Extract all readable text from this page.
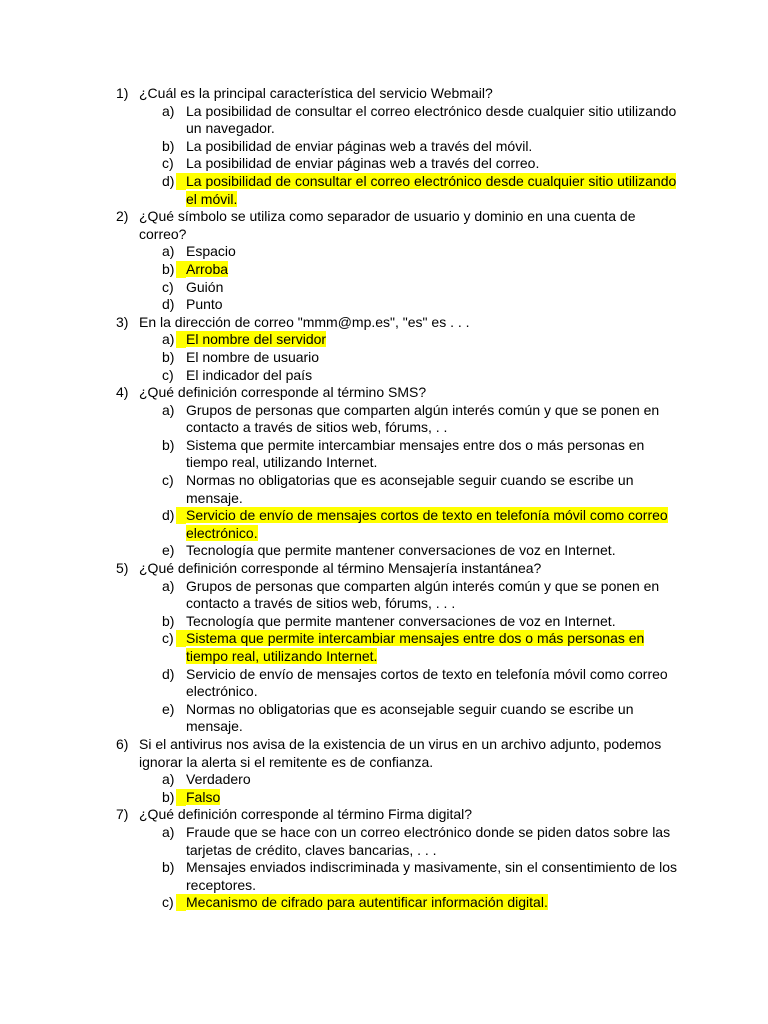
1) ¿Cuál es la principal característica del servicio Webmail?
a) La posibilidad de consultar el correo electrónico desde cualquier sitio utilizando un navegador.
b) La posibilidad de enviar páginas web a través del móvil.
c) La posibilidad de enviar páginas web a través del correo.
d) La posibilidad de consultar el correo electrónico desde cualquier sitio utilizando el móvil.
2) ¿Qué símbolo se utiliza como separador de usuario y dominio en una cuenta de correo?
a) Espacio
b) Arroba
c) Guión
d) Punto
3) En la dirección de correo "mmm@mp.es", "es" es . . .
a) El nombre del servidor
b) El nombre de usuario
c) El indicador del país
4) ¿Qué definición corresponde al término SMS?
a) Grupos de personas que comparten algún interés común y que se ponen en contacto a través de sitios web, fórums, . .
b) Sistema que permite intercambiar mensajes entre dos o más personas en tiempo real, utilizando Internet.
c) Normas no obligatorias que es aconsejable seguir cuando se escribe un mensaje.
d) Servicio de envío de mensajes cortos de texto en telefonía móvil como correo electrónico.
e) Tecnología que permite mantener conversaciones de voz en Internet.
5) ¿Qué definición corresponde al término Mensajería instantánea?
a) Grupos de personas que comparten algún interés común y que se ponen en contacto a través de sitios web, fórums, . . .
b) Tecnología que permite mantener conversaciones de voz en Internet.
c) Sistema que permite intercambiar mensajes entre dos o más personas en tiempo real, utilizando Internet.
d) Servicio de envío de mensajes cortos de texto en telefonía móvil como correo electrónico.
e) Normas no obligatorias que es aconsejable seguir cuando se escribe un mensaje.
6) Si el antivirus nos avisa de la existencia de un virus en un archivo adjunto, podemos ignorar la alerta si el remitente es de confianza.
a) Verdadero
b) Falso
7) ¿Qué definición corresponde al término Firma digital?
a) Fraude que se hace con un correo electrónico donde se piden datos sobre las tarjetas de crédito, claves bancarias, . . .
b) Mensajes enviados indiscriminada y masivamente, sin el consentimiento de los receptores.
c) Mecanismo de cifrado para autentificar información digital.
